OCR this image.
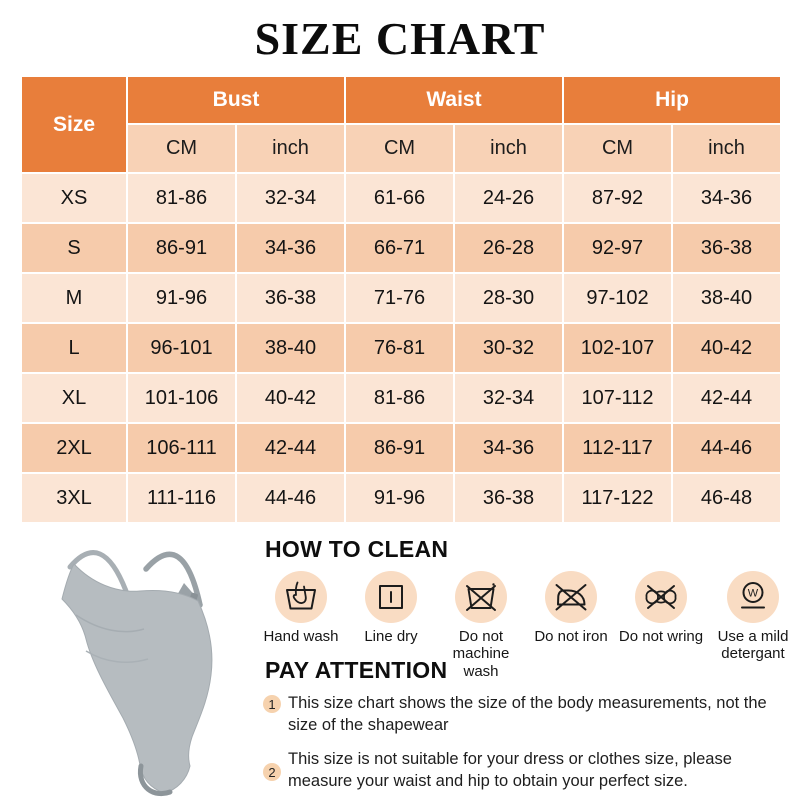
SIZE CHART
Size	Bust		Waist		Hip	
	CM	inch	CM	inch	CM	inch
XS	81-86	32-34	61-66	24-26	87-92	34-36
S	86-91	34-36	66-71	26-28	92-97	36-38
M	91-96	36-38	71-76	28-30	97-102	38-40
L	96-101	38-40	76-81	30-32	102-107	40-42
XL	101-106	40-42	81-86	32-34	107-112	42-44
2XL	106-111	42-44	86-91	34-36	112-117	44-46
3XL	111-116	44-46	91-96	36-38	117-122	46-48
HOW TO CLEAN
Hand wash Line dry	Do not machine wash
Do not iron Do not wring
W
Use a mild detergant
PAY ATTENTION
1 This size chart shows the size of the body measurements, not the size of the shapewear
2
This size is not suitable for your dress or clothes size, please measure your waist and hip to obtain your perfect size.
